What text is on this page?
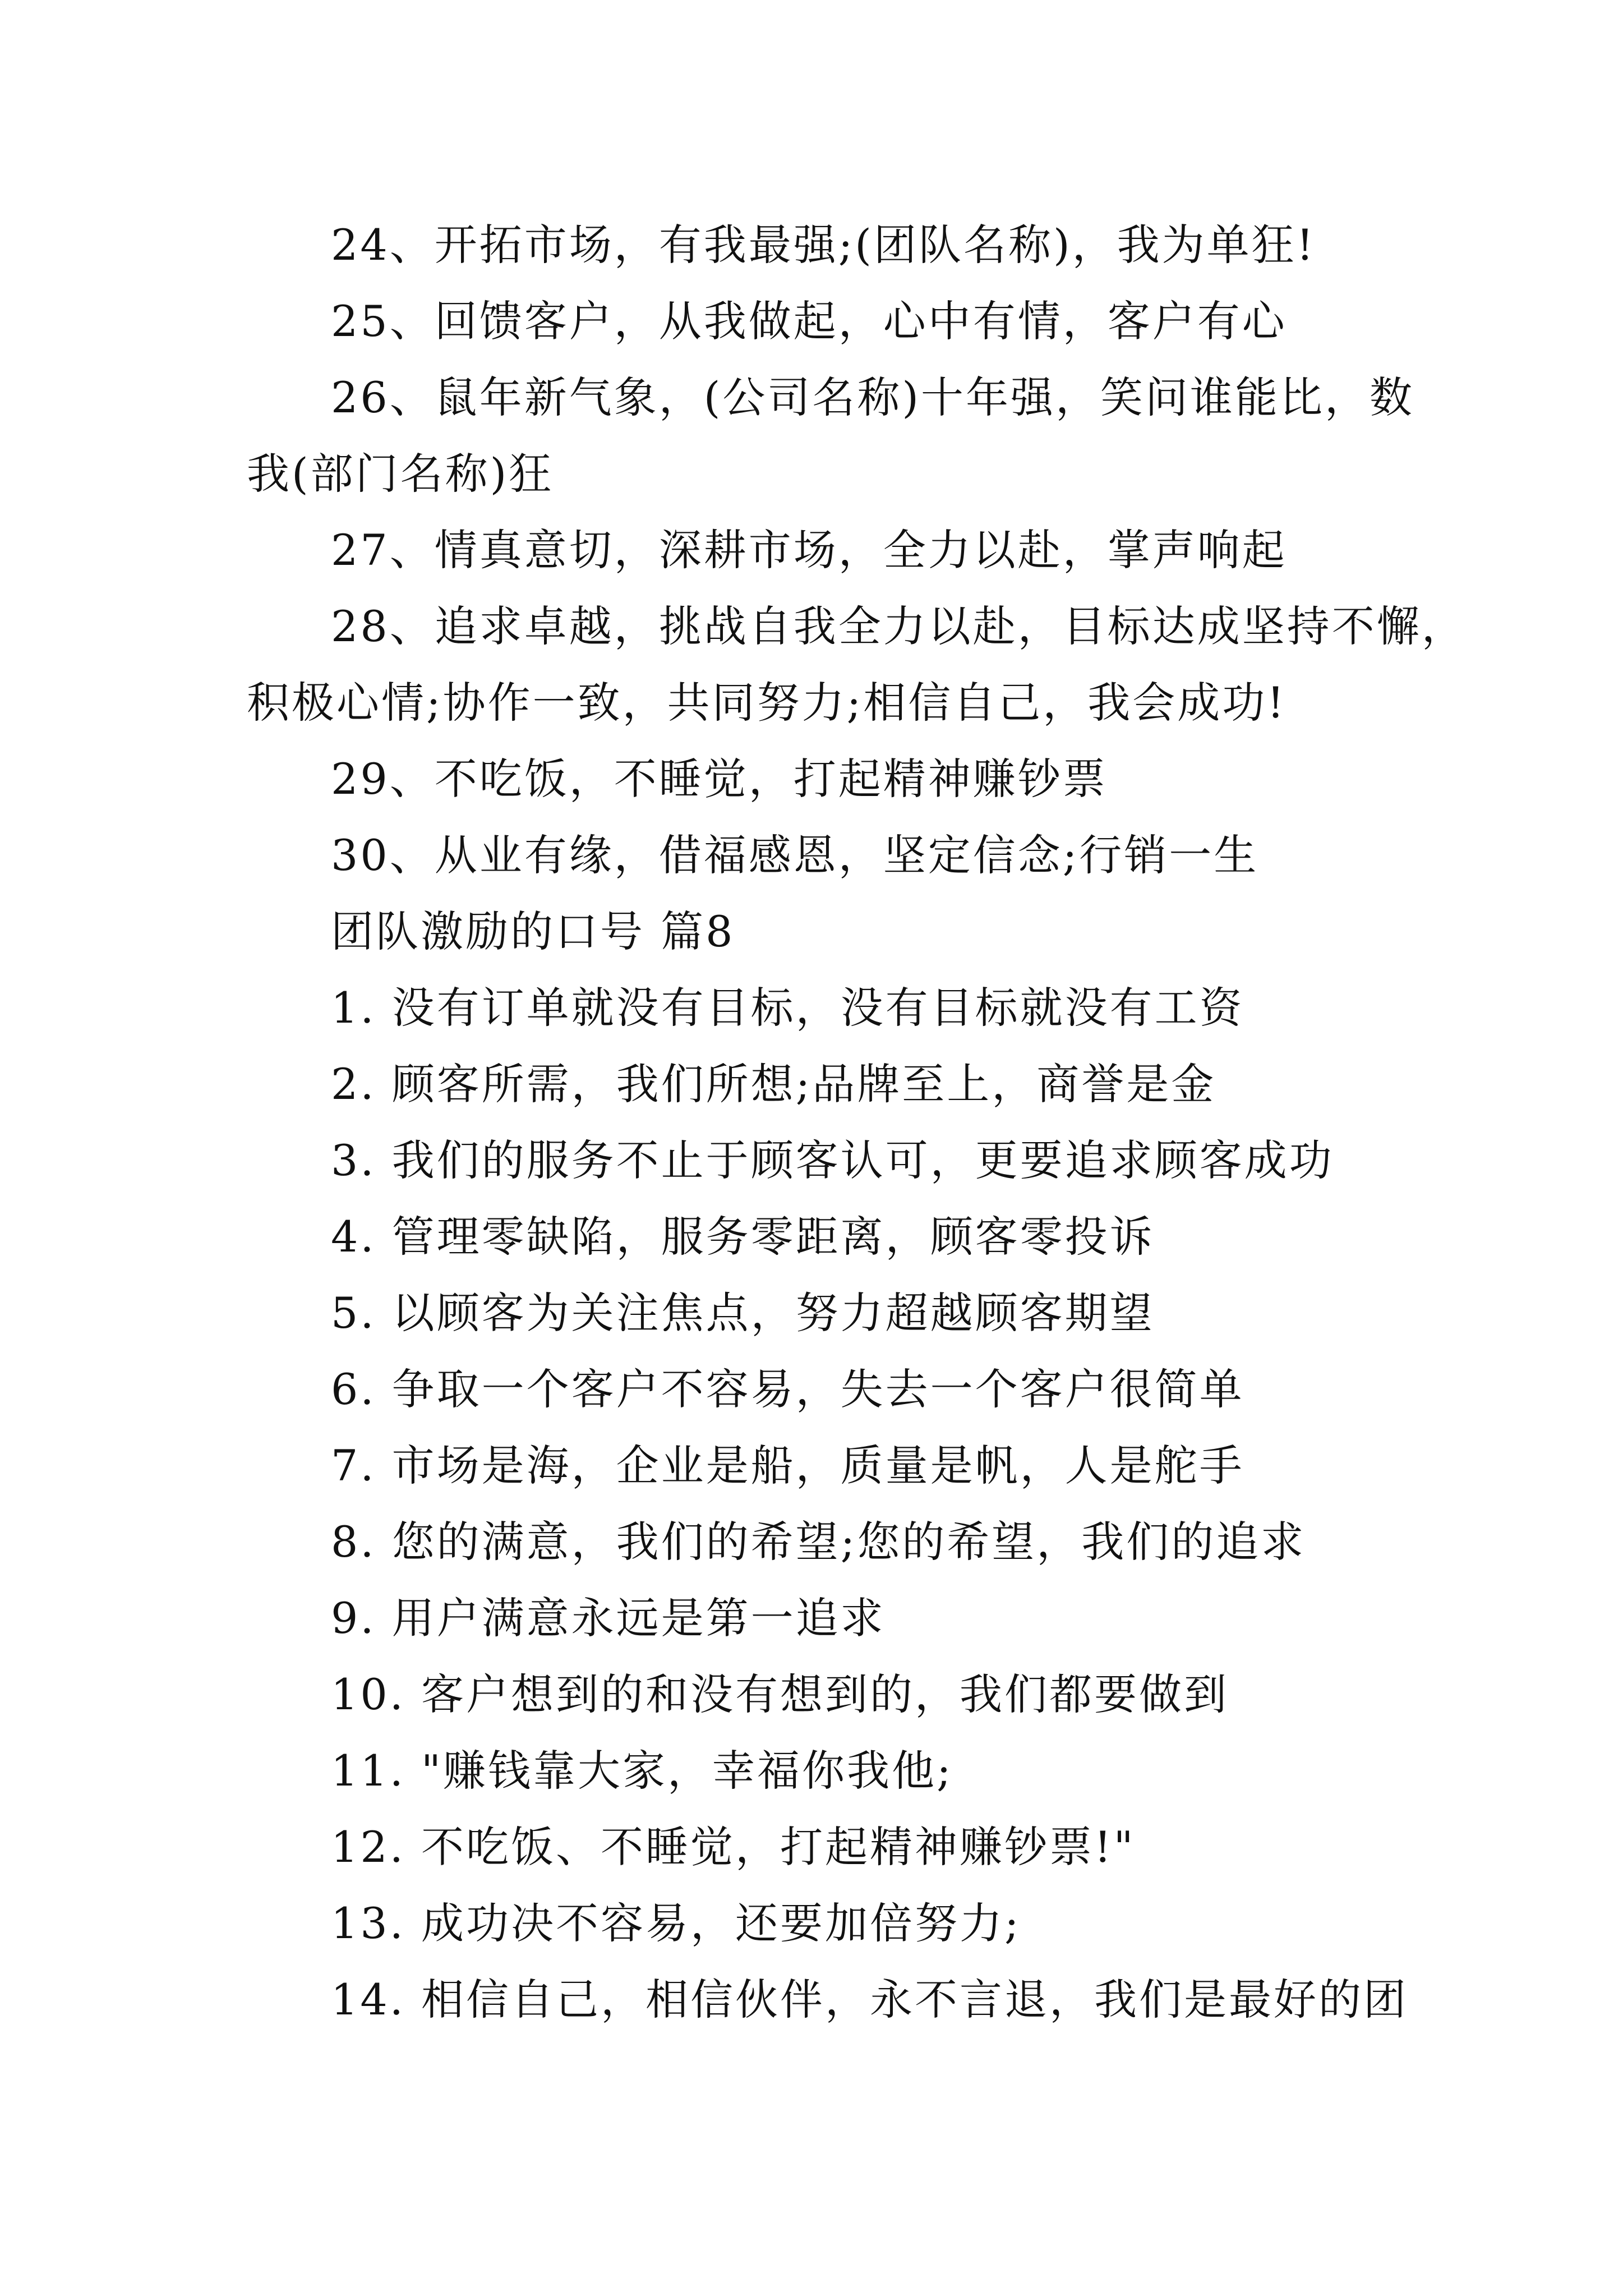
24、开拓市场，有我最强;(团队名称)，我为单狂!
25、回馈客户，从我做起，心中有情，客户有心
26、鼠年新气象，(公司名称)十年强，笑问谁能比，数
我(部门名称)狂
27、情真意切，深耕市场，全力以赴，掌声响起
28、追求卓越，挑战自我全力以赴，目标达成坚持不懈，
积极心情;协作一致，共同努力;相信自己，我会成功!
29、不吃饭，不睡觉，打起精神赚钞票
30、从业有缘，借福感恩，坚定信念;行销一生
团队激励的口号 篇8
1. 没有订单就没有目标，没有目标就没有工资
2. 顾客所需，我们所想;品牌至上，商誉是金
3. 我们的服务不止于顾客认可，更要追求顾客成功
4. 管理零缺陷，服务零距离，顾客零投诉
5. 以顾客为关注焦点，努力超越顾客期望
6. 争取一个客户不容易，失去一个客户很简单
7. 市场是海，企业是船，质量是帆，人是舵手
8. 您的满意，我们的希望;您的希望，我们的追求
9. 用户满意永远是第一追求
10. 客户想到的和没有想到的，我们都要做到
11. "赚钱靠大家，幸福你我他;
12. 不吃饭、不睡觉，打起精神赚钞票!"
13. 成功决不容易，还要加倍努力;
14. 相信自己，相信伙伴，永不言退，我们是最好的团
